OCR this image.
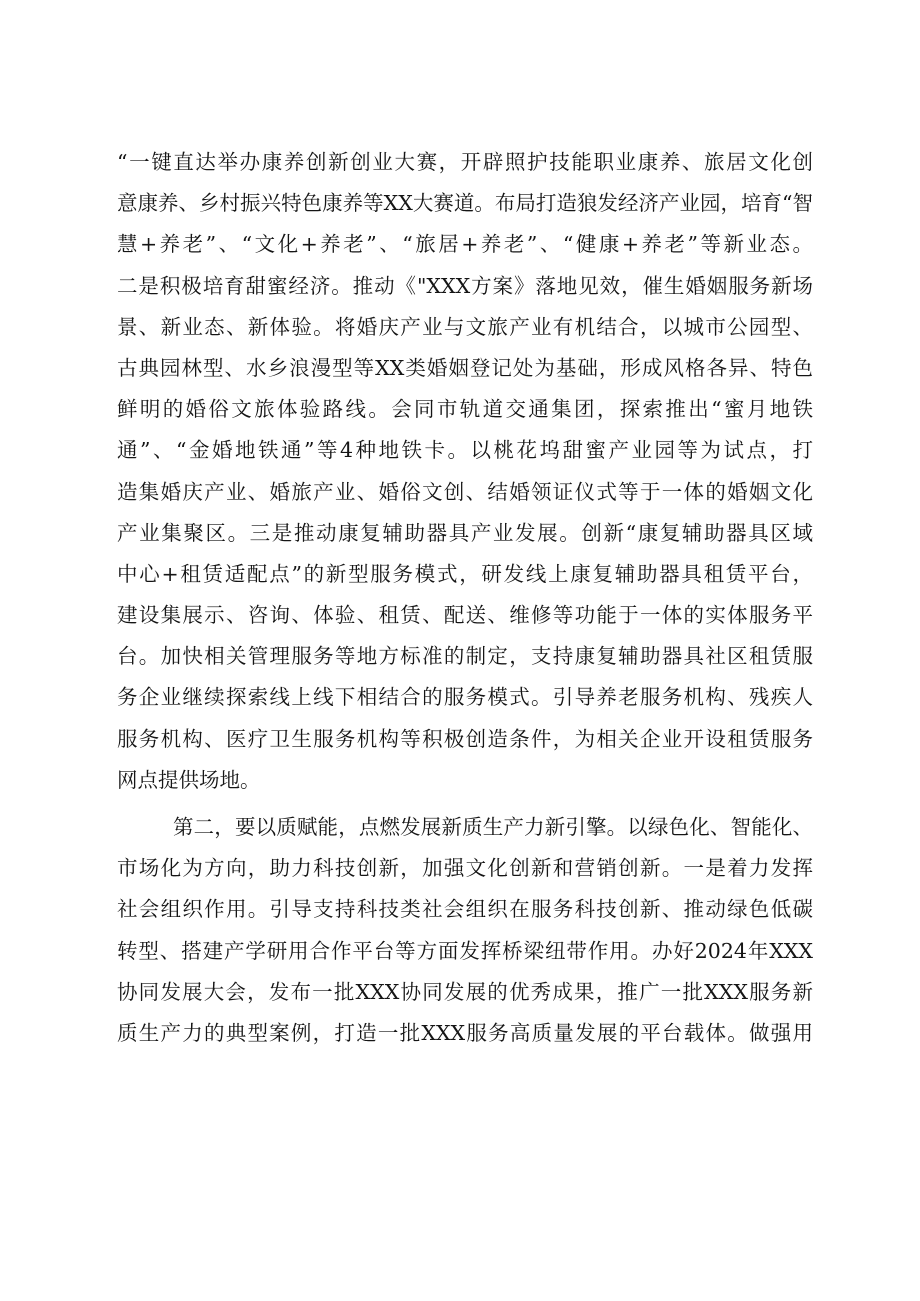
“一键直达举办康养创新创业大赛，开辟照护技能职业康养、旅居文化创
意康养、乡村振兴特色康养等XX大赛道。布局打造狼发经济产业园，培育“智
慧+养老”、“文化+养老”、“旅居+养老”、“健康+养老”等新业态。
二是积极培育甜蜜经济。推动《"XXX方案》落地见效，催生婚姻服务新场
景、新业态、新体验。将婚庆产业与文旅产业有机结合，以城市公园型、
古典园林型、水乡浪漫型等XX类婚姻登记处为基础，形成风格各异、特色
鲜明的婚俗文旅体验路线。会同市轨道交通集团，探索推出“蜜月地铁
通”、“金婚地铁通”等4种地铁卡。以桃花坞甜蜜产业园等为试点，打
造集婚庆产业、婚旅产业、婚俗文创、结婚领证仪式等于一体的婚姻文化
产业集聚区。三是推动康复辅助器具产业发展。创新“康复辅助器具区域
中心+租赁适配点”的新型服务模式，研发线上康复辅助器具租赁平台，
建设集展示、咨询、体验、租赁、配送、维修等功能于一体的实体服务平
台。加快相关管理服务等地方标准的制定，支持康复辅助器具社区租赁服
务企业继续探索线上线下相结合的服务模式。引导养老服务机构、残疾人
服务机构、医疗卫生服务机构等积极创造条件，为相关企业开设租赁服务
网点提供场地。
第二，要以质赋能，点燃发展新质生产力新引擎。以绿色化、智能化、
市场化为方向，助力科技创新，加强文化创新和营销创新。一是着力发挥
社会组织作用。引导支持科技类社会组织在服务科技创新、推动绿色低碳
转型、搭建产学研用合作平台等方面发挥桥梁纽带作用。办好2024年XXX
协同发展大会，发布一批XXX协同发展的优秀成果，推广一批XXX服务新
质生产力的典型案例，打造一批XXX服务高质量发展的平台载体。做强用
